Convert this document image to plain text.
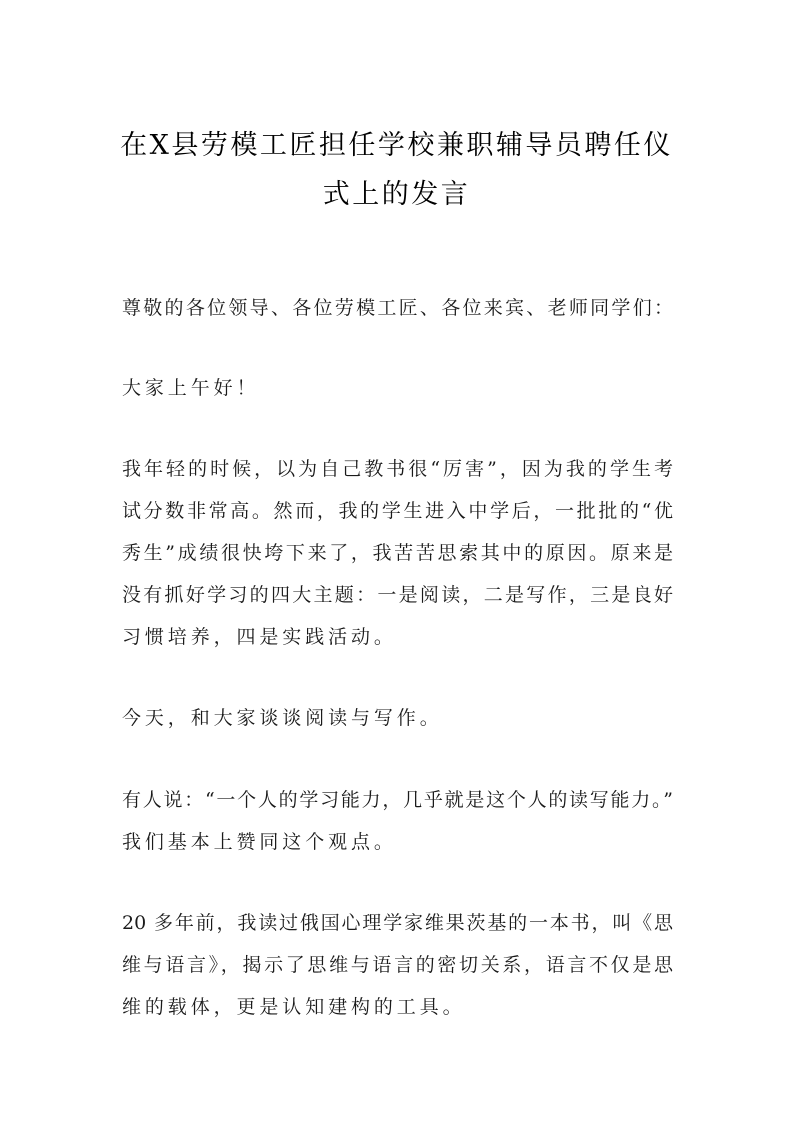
在X县劳模工匠担任学校兼职辅导员聘任仪
式上的发言
尊敬的各位领导、各位劳模工匠、各位来宾、老师同学们：
大家上午好！
我年轻的时候，以为自己教书很“厉害”，因为我的学生考
试分数非常高。然而，我的学生进入中学后，一批批的“优
秀生”成绩很快垮下来了，我苦苦思索其中的原因。原来是
没有抓好学习的四大主题：一是阅读，二是写作，三是良好
习惯培养，四是实践活动。
今天，和大家谈谈阅读与写作。
有人说：“一个人的学习能力，几乎就是这个人的读写能力。”
我们基本上赞同这个观点。
20 多年前，我读过俄国心理学家维果茨基的一本书，叫《思
维与语言》，揭示了思维与语言的密切关系，语言不仅是思
维的载体，更是认知建构的工具。
